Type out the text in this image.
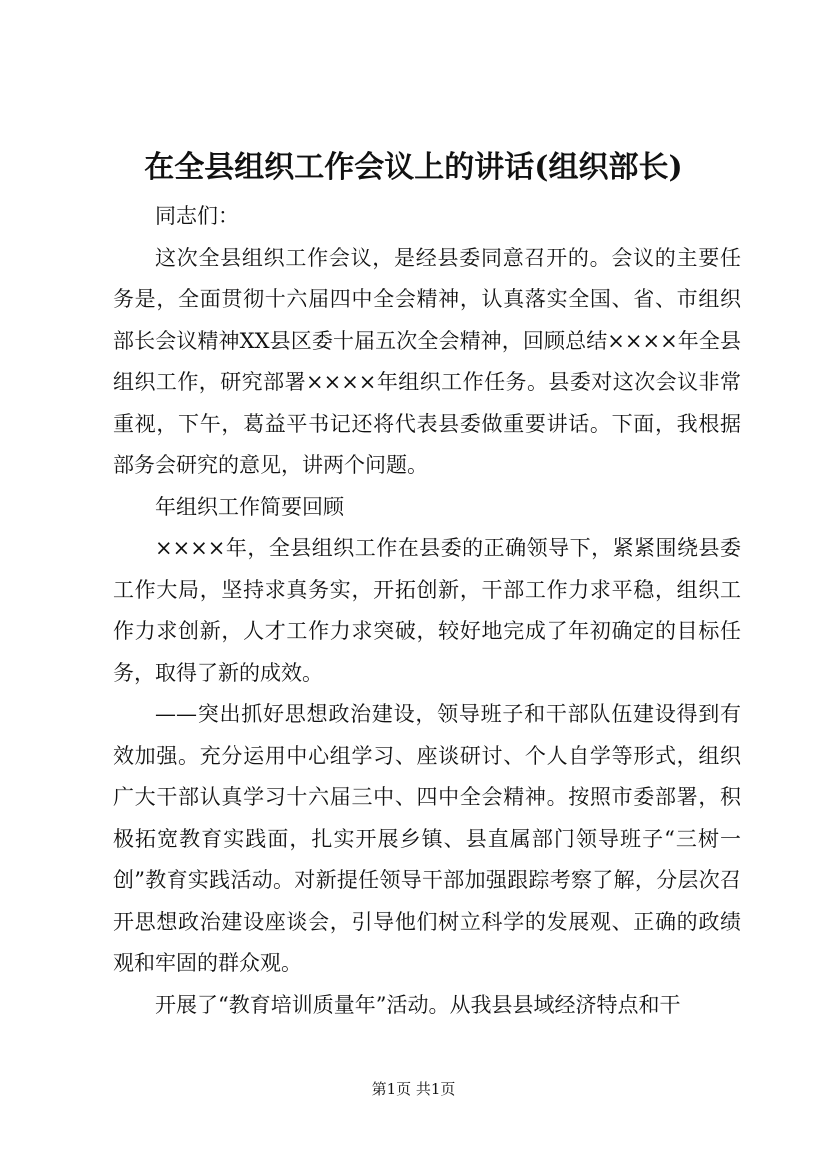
在全县组织工作会议上的讲话(组织部长)

同志们：

这次全县组织工作会议，是经县委同意召开的。会议的主要任务是，全面贯彻十六届四中全会精神，认真落实全国、省、市组织部长会议精神XX县区委十届五次全会精神，回顾总结××××年全县组织工作，研究部署××××年组织工作任务。县委对这次会议非常重视，下午，葛益平书记还将代表县委做重要讲话。下面，我根据部务会研究的意见，讲两个问题。

年组织工作简要回顾

××××年，全县组织工作在县委的正确领导下，紧紧围绕县委工作大局，坚持求真务实，开拓创新，干部工作力求平稳，组织工作力求创新，人才工作力求突破，较好地完成了年初确定的目标任务，取得了新的成效。

——突出抓好思想政治建设，领导班子和干部队伍建设得到有效加强。充分运用中心组学习、座谈研讨、个人自学等形式，组织广大干部认真学习十六届三中、四中全会精神。按照市委部署，积极拓宽教育实践面，扎实开展乡镇、县直属部门领导班子“三树一创”教育实践活动。对新提任领导干部加强跟踪考察了解，分层次召开思想政治建设座谈会，引导他们树立科学的发展观、正确的政绩观和牢固的群众观。

开展了“教育培训质量年”活动。从我县县域经济特点和干

第1页 共1页
